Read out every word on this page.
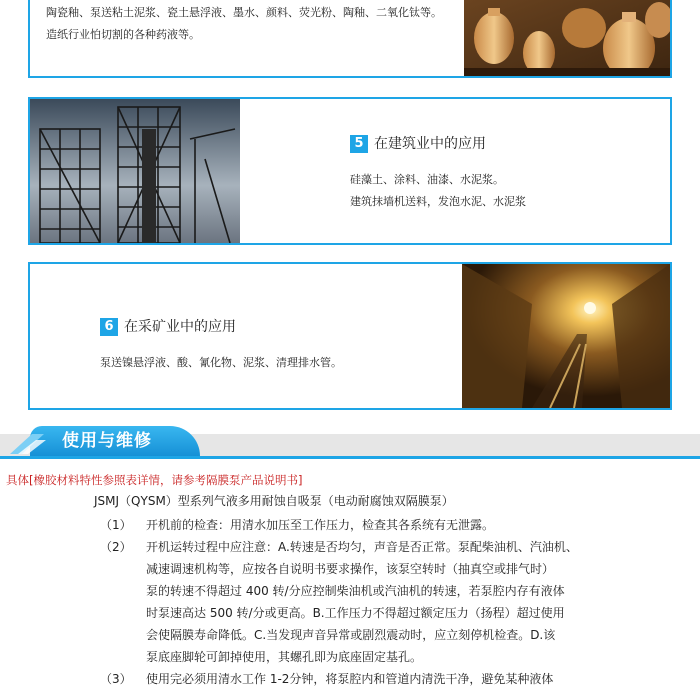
陶瓷釉、泵送粘土泥浆、瓷土悬浮液、墨水、颜料、荧光粉、陶釉、二氧化钛等。
造纸行业怕切割的各种药液等。
5 在建筑业中的应用
硅藻土、涂料、油漆、水泥浆。
建筑抹墙机送料，发泡水泥、水泥浆
6 在采矿业中的应用
泵送镍悬浮液、酸、氰化物、泥浆、清理排水管。
使用与维修
具体[橡胶材料特性参照表详情，请参考隔膜泵产品说明书]
JSMJ（QYSM）型系列气液多用耐蚀自吸泵（电动耐腐蚀双隔膜泵）
（1）	开机前的检查：用清水加压至工作压力，检查其各系统有无泄露。
（2）	开机运转过程中应注意：A.转速是否均匀，声音是否正常。泵配柴油机、汽油机、
减速调速机构等，应按各自说明书要求操作，该泵空转时（抽真空或排气时）
泵的转速不得超过 400 转/分应控制柴油机或汽油机的转速，若泵腔内存有液体
时泵速高达 500 转/分或更高。B.工作压力不得超过额定压力（扬程）超过使用
会使隔膜寿命降低。C.当发现声音异常或剧烈震动时，应立刻停机检查。D.该
泵底座脚轮可卸掉使用，其螺孔即为底座固定基孔。
（3）	使用完必须用清水工作 1-2分钟，将泵腔内和管道内清洗干净，避免某种液体
